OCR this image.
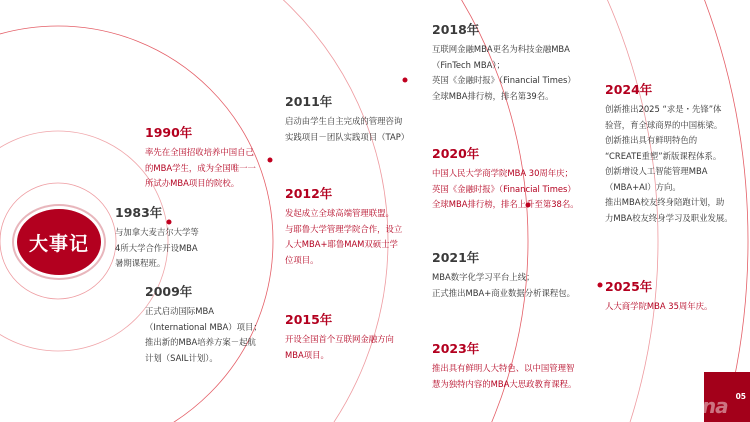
大事记
1983年
与加拿大麦吉尔大学等
4所大学合作开设MBA
暑期课程班。
1990年
率先在全国招收培养中国自己
的MBA学生，成为全国唯一一
所试办MBA项目的院校。
2009年
正式启动国际MBA
（International MBA）项目；
推出新的MBA培养方案－起航
计划（SAIL计划）。
2011年
启动由学生自主完成的管理咨询
实践项目－团队实践项目（TAP）
2012年
发起成立全球高端管理联盟。
与耶鲁大学管理学院合作，设立
人大MBA+耶鲁MAM双硕士学
位项目。
2015年
开设全国首个互联网金融方向
MBA项目。
2018年
互联网金融MBA更名为科技金融MBA
（FinTech MBA）；
英国《金融时报》（Financial Times）
全球MBA排行榜，排名第39名。
2020年
中国人民大学商学院MBA 30周年庆；
英国《金融时报》（Financial Times）
全球MBA排行榜，排名上升至第38名。
2021年
MBA数字化学习平台上线；
正式推出MBA+商业数据分析课程包。
2023年
推出具有鲜明人大特色、以中国管理智
慧为独特内容的MBA大思政教育课程。
2024年
创新推出2025 “求是・先锋”体
验营，育全球商界的中国栋梁。
创新推出具有鲜明特色的
“CREATE重塑”新版课程体系。
创新增设人工智能管理MBA
（MBA+AI）方向。
推出MBA校友终身陪跑计划，助
力MBA校友终身学习及职业发展。
2025年
人大商学院MBA 35周年庆。
ina 05
